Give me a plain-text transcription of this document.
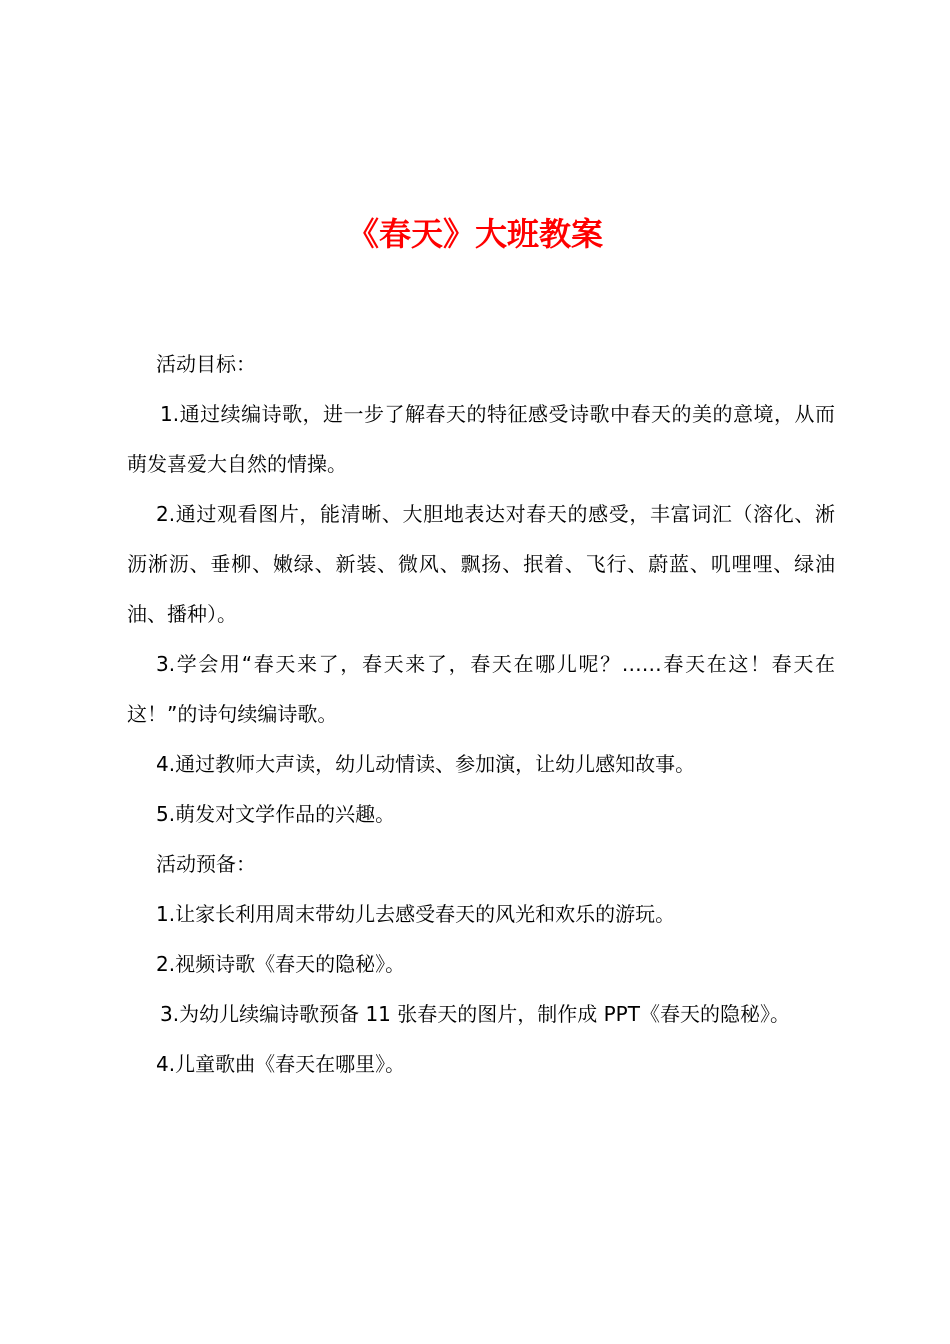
《春天》大班教案

活动目标：

1.通过续编诗歌，进一步了解春天的特征感受诗歌中春天的美的意境，从而萌发喜爱大自然的情操。

2.通过观看图片，能清晰、大胆地表达对春天的感受，丰富词汇（溶化、淅沥淅沥、垂柳、嫩绿、新装、微风、飘扬、抿着、飞行、蔚蓝、叽哩哩、绿油油、播种）。

3.学会用“春天来了，春天来了，春天在哪儿呢？……春天在这！春天在这！”的诗句续编诗歌。

4.通过教师大声读，幼儿动情读、参加演，让幼儿感知故事。

5.萌发对文学作品的兴趣。

活动预备：

1.让家长利用周末带幼儿去感受春天的风光和欢乐的游玩。

2.视频诗歌《春天的隐秘》。

3.为幼儿续编诗歌预备 11 张春天的图片，制作成 PPT《春天的隐秘》。

4.儿童歌曲《春天在哪里》。
